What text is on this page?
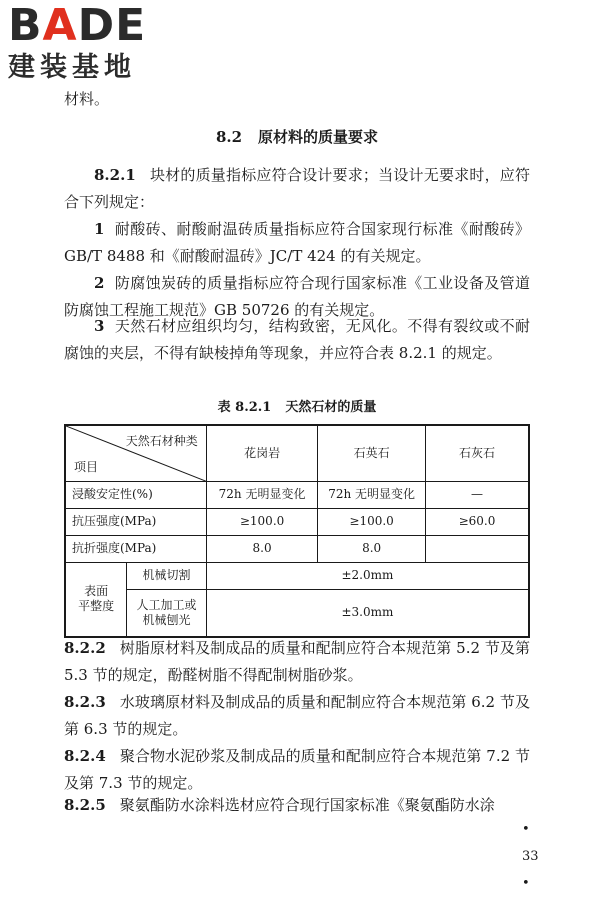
BADE
建装基地
材料。
8.2 原材料的质量要求

8.2.1 块材的质量指标应符合设计要求；当设计无要求时，应符合下列规定：

1 耐酸砖、耐酸耐温砖质量指标应符合国家现行标准《耐酸砖》GB/T 8488 和《耐酸耐温砖》JC/T 424 的有关规定。

2 防腐蚀炭砖的质量指标应符合现行国家标准《工业设备及管道防腐蚀工程施工规范》GB 50726 的有关规定。

3 天然石材应组织均匀，结构致密，无风化。不得有裂纹或不耐腐蚀的夹层，不得有缺棱掉角等现象，并应符合表 8.2.1 的规定。

表 8.2.1 天然石材的质量
天然石材种类
项目		花岗岩	石英石	石灰石
浸酸安定性(%)		72h 无明显变化	72h 无明显变化	—
抗压强度(MPa)		≥100.0	≥100.0	≥60.0
抗折强度(MPa)		8.0	8.0	
表面
平整度	机械切割	±2.0mm		
	人工加工或
机械刨光	±3.0mm		

8.2.2 树脂原材料及制成品的质量和配制应符合本规范第 5.2 节及第 5.3 节的规定，酚醛树脂不得配制树脂砂浆。

8.2.3 水玻璃原材料及制成品的质量和配制应符合本规范第 6.2 节及第 6.3 节的规定。

8.2.4 聚合物水泥砂浆及制成品的质量和配制应符合本规范第 7.2 节及第 7.3 节的规定。

8.2.5 聚氨酯防水涂料选材应符合现行国家标准《聚氨酯防水涂

• 33 •
